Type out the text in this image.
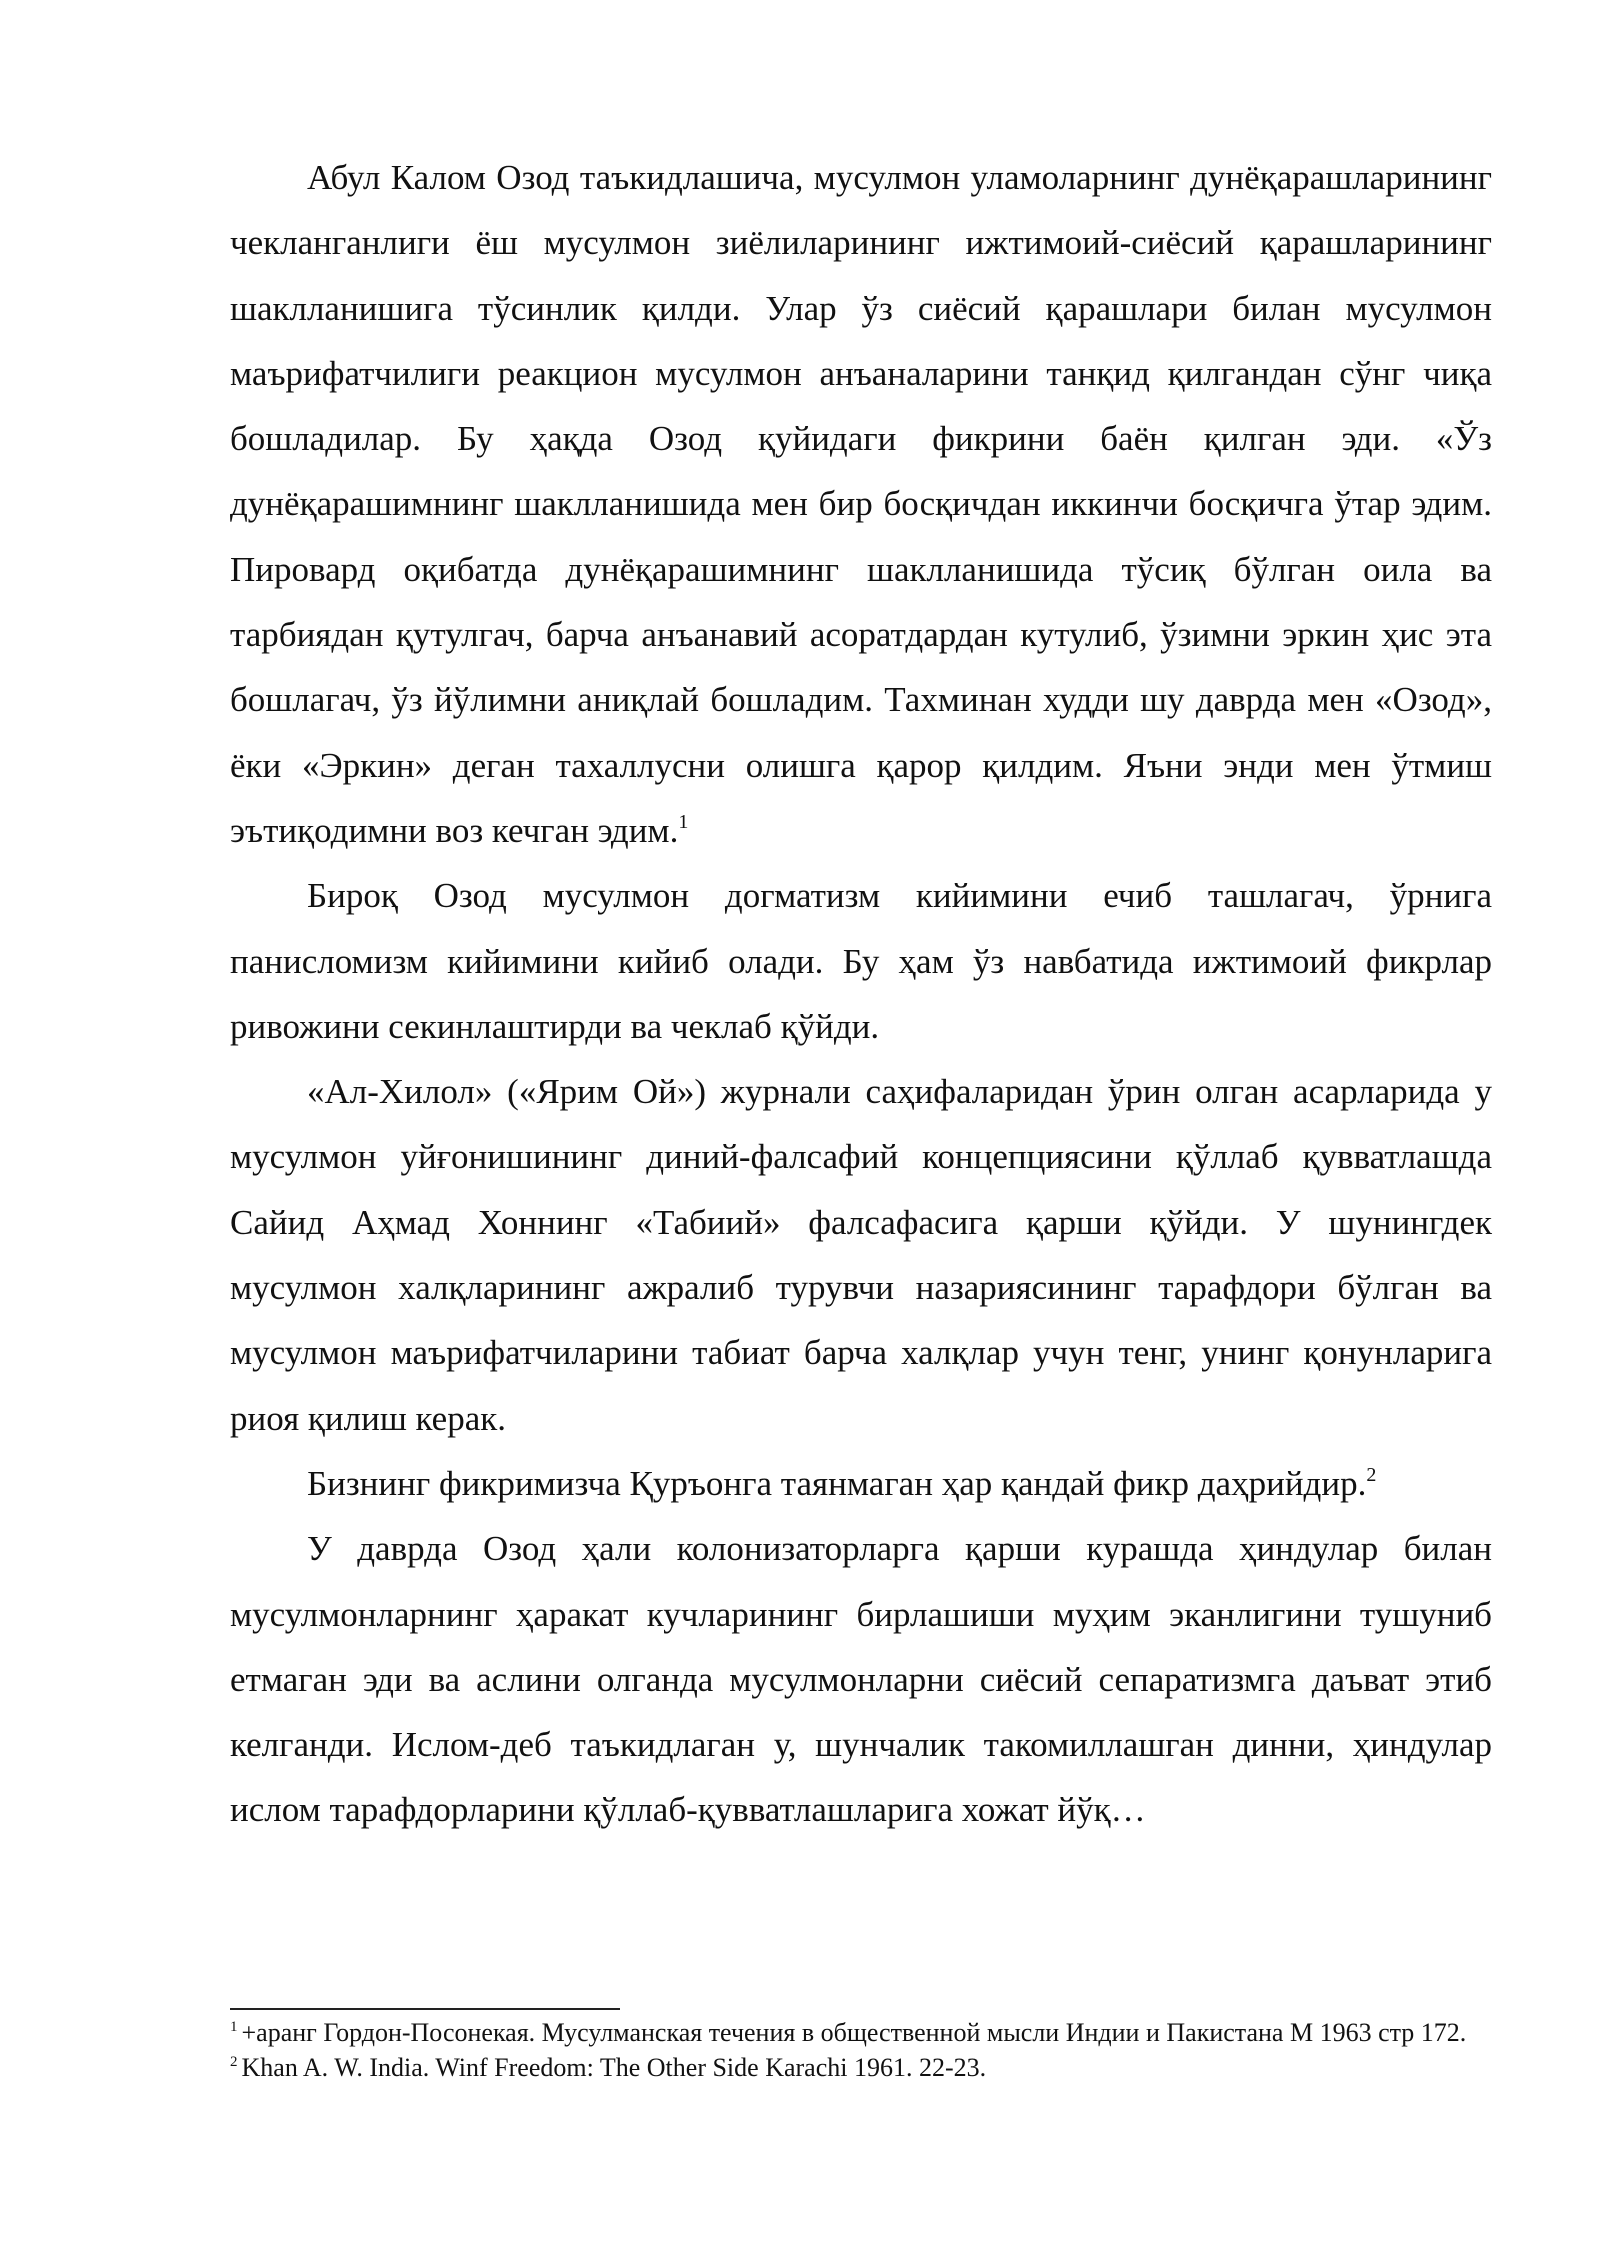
Абул Калом Озод таъкидлашича, мусулмон уламоларнинг дунёқарашларининг чекланганлиги ёш мусулмон зиёлиларининг ижтимоий-сиёсий қарашларининг шаклланишига тўсинлик қилди. Улар ўз сиёсий қарашлари билан мусулмон маърифатчилиги реакцион мусулмон анъаналарини танқид қилгандан сўнг чиқа бошладилар. Бу ҳақда Озод қуйидаги фикрини баён қилган эди. «Ўз дунёқарашимнинг шаклланишида мен бир босқичдан иккинчи босқичга ўтар эдим. Пировард оқибатда дунёқарашимнинг шаклланишида тўсиқ бўлган оила ва тарбиядан қутулгач, барча анъанавий асоратдардан кутулиб, ўзимни эркин ҳис эта бошлагач, ўз йўлимни аниқлай бошладим. Тахминан худди шу даврда мен «Озод», ёки «Эркин» деган тахаллусни олишга қарор қилдим. Яъни энди мен ўтмиш эътиқодимни воз кечган эдим.$^1$

Бироқ Озод мусулмон догматизм кийимини ечиб ташлагач, ўрнига панисломизм кийимини кийиб олади. Бу ҳам ўз навбатида ижтимоий фикрлар ривожини секинлаштирди ва чеклаб қўйди.

«Ал-Хилол» («Ярим Ой») журнали саҳифаларидан ўрин олган асарларида у мусулмон уйғонишининг диний-фалсафий концепциясини қўллаб қувватлашда Сайид Аҳмад Хоннинг «Табиий» фалсафасига қарши қўйди. У шунингдек мусулмон халқларининг ажралиб турувчи назариясининг тарафдори бўлган ва мусулмон маърифатчиларини табиат барча халқлар учун тенг, унинг қонунларига риоя қилиш керак.

Бизнинг фикримизча Қуръонга таянмаган ҳар қандай фикр даҳрийдир.$^2$

У даврда Озод ҳали колонизаторларга қарши курашда ҳиндулар билан мусулмонларнинг ҳаракат кучларининг бирлашиши муҳим эканлигини тушуниб етмаган эди ва аслини олганда мусулмонларни сиёсий сепаратизмга даъват этиб келганди. Ислом-деб таъкидлаган у, шунчалик такомиллашган динни, ҳиндулар ислом тарафдорларини қўллаб-қувватлашларига хожат йўқ…

$^1$ +аранг Гордон-Посонекая. Мусулманская течения в общественной мысли Индии и Пакистана М 1963 стр 172.

$^2$ Khan A. W. India. Winf Freedom: The Other Side Karachi 1961. 22-23.
